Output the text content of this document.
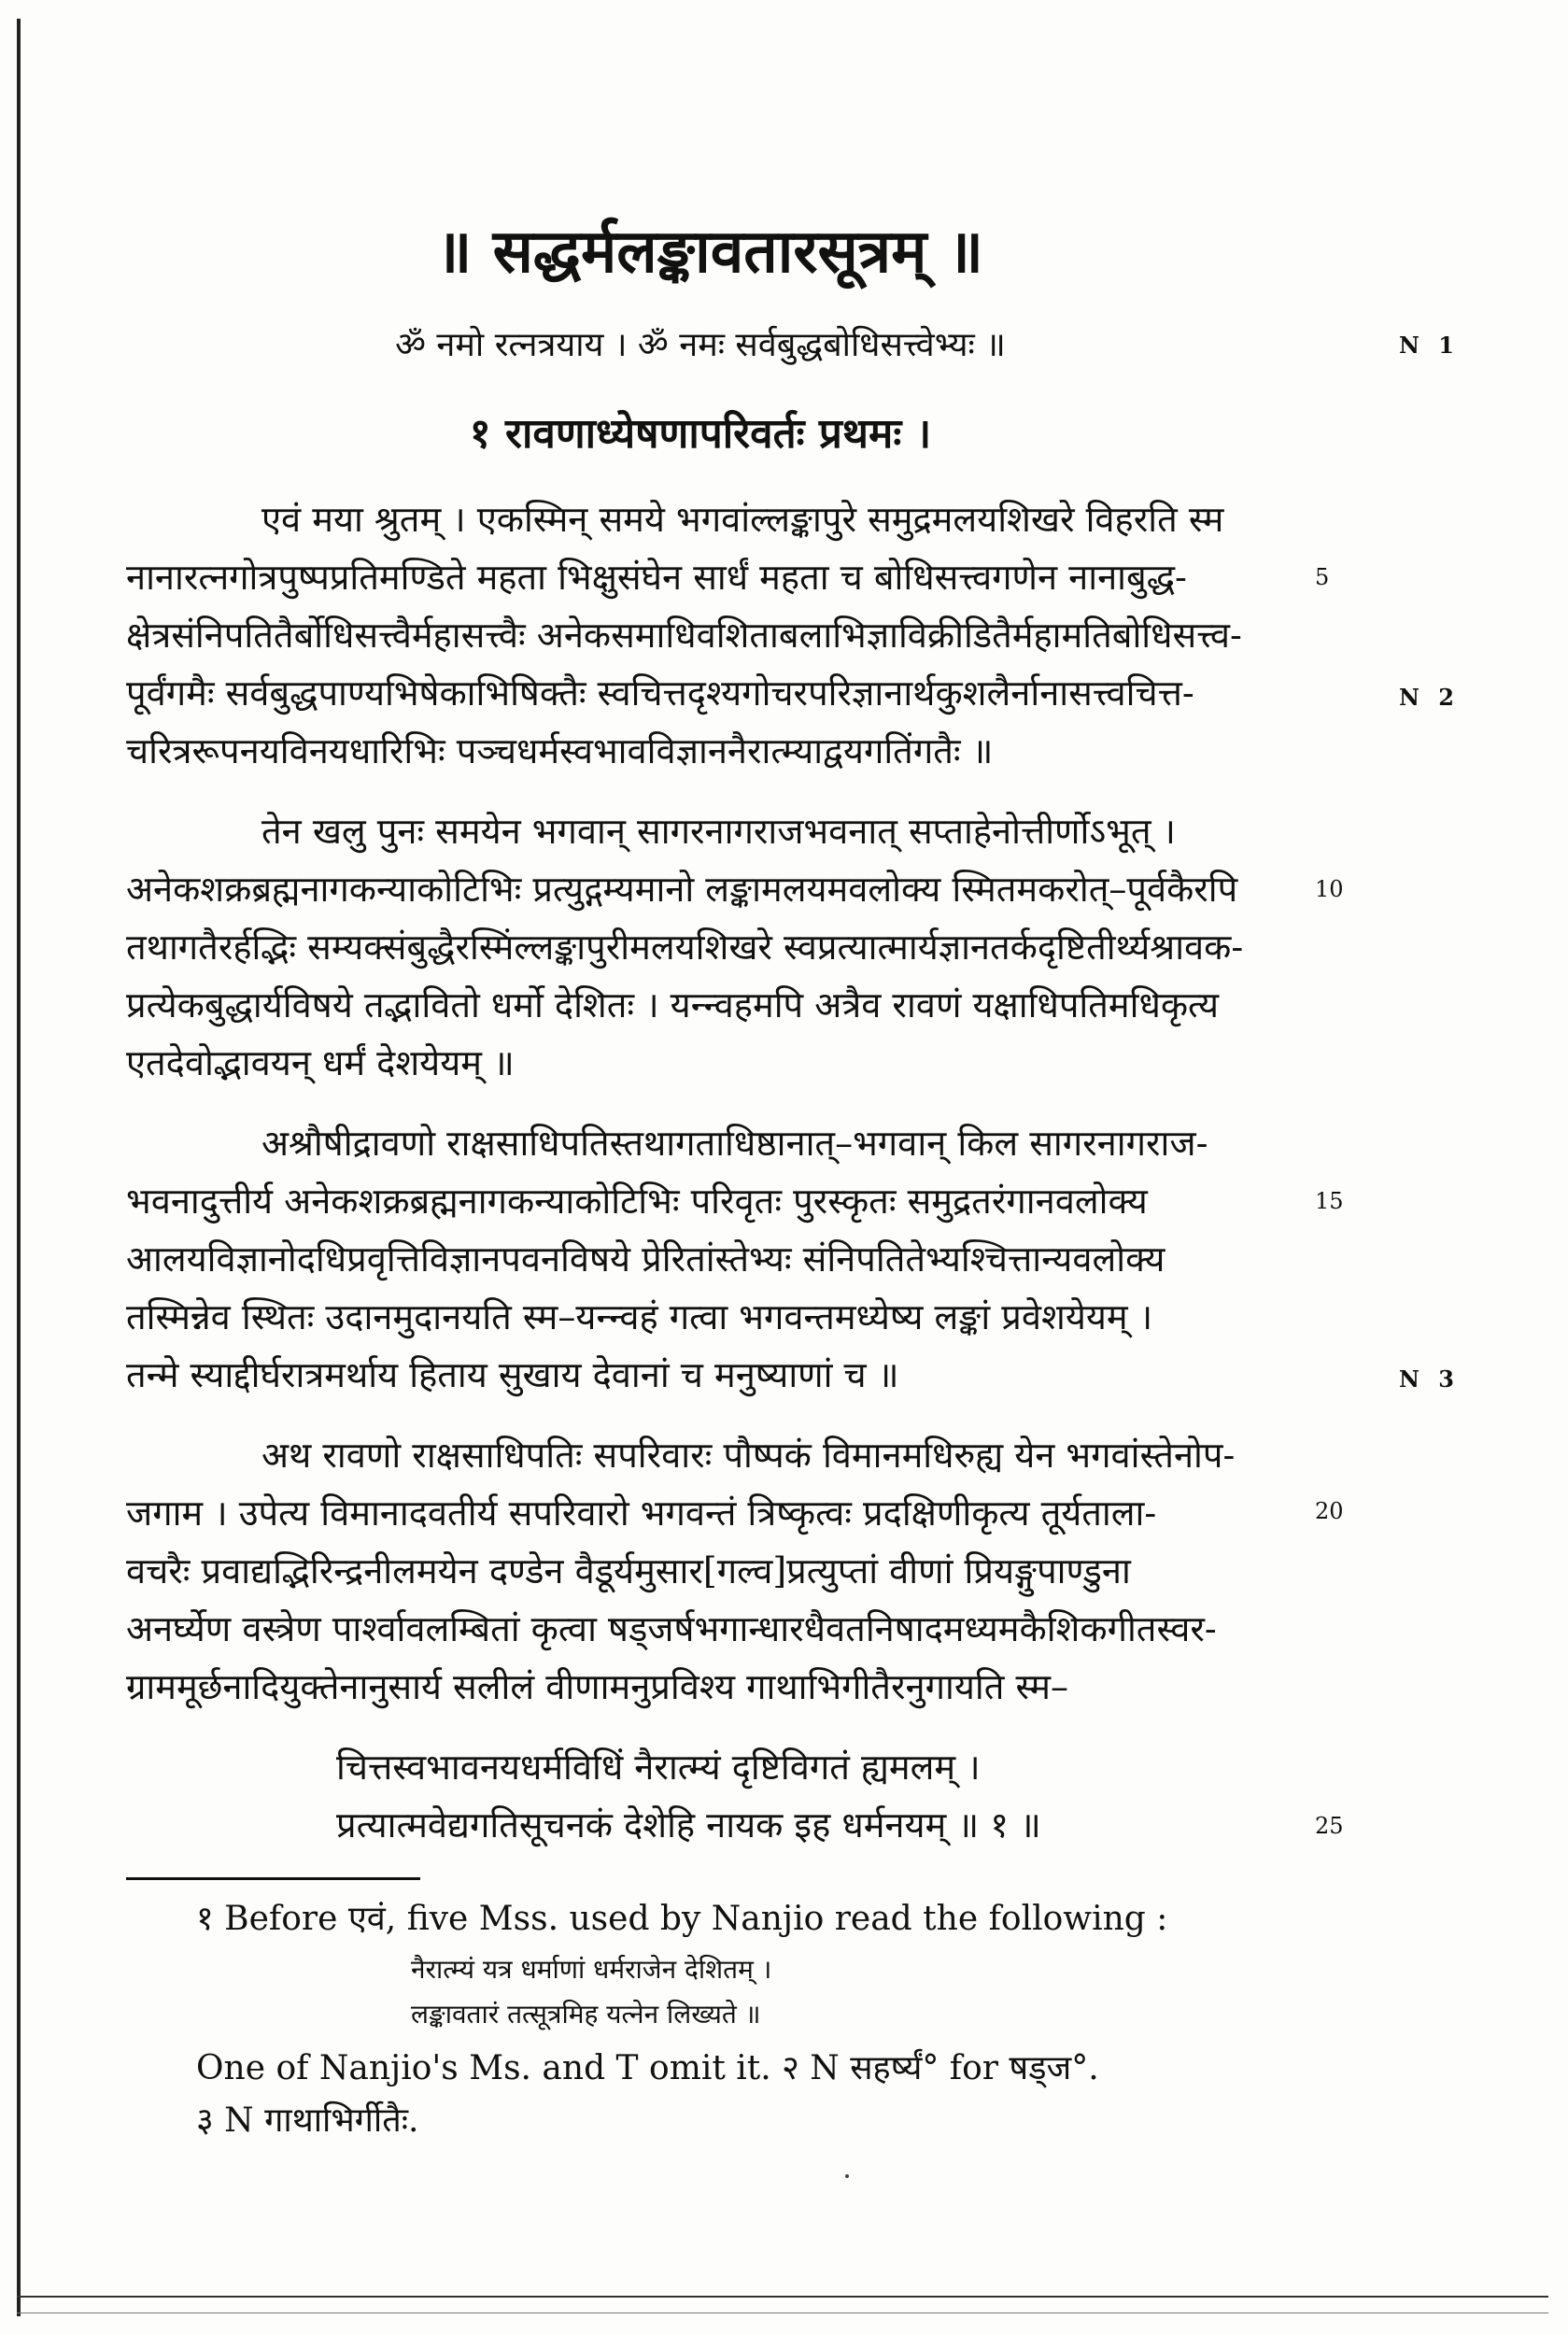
॥ सद्धर्मलङ्कावतारसूत्रम् ॥
ॐ नमो रत्नत्रयाय । ॐ नमः सर्वबुद्धबोधिसत्त्वेभ्यः ॥	N 1
१ रावणाध्येषणापरिवर्तः प्रथमः ।
एवं मया श्रुतम् । एकस्मिन् समये भगवांल्लङ्कापुरे समुद्रमलयशिखरे विहरति स्म
नानारत्नगोत्रपुष्पप्रतिमण्डिते महता भिक्षुसंघेन सार्धं महता च बोधिसत्त्वगणेन नानाबुद्ध-	5
क्षेत्रसंनिपतितैर्बोधिसत्त्वैर्महासत्त्वैः अनेकसमाधिवशिताबलाभिज्ञाविक्रीडितैर्महामतिबोधिसत्त्व-
पूर्वंगमैः सर्वबुद्धपाण्यभिषेकाभिषिक्तैः स्वचित्तदृश्यगोचरपरिज्ञानार्थकुशलैर्नानासत्त्वचित्त-	N 2
चरित्ररूपनयविनयधारिभिः पञ्चधर्मस्वभावविज्ञाननैरात्म्याद्वयगतिंगतैः ॥
तेन खलु पुनः समयेन भगवान् सागरनागराजभवनात् सप्ताहेनोत्तीर्णोऽभूत् ।
अनेकशक्रब्रह्मनागकन्याकोटिभिः प्रत्युद्गम्यमानो लङ्कामलयमवलोक्य स्मितमकरोत्–पूर्वकैरपि	10
तथागतैरर्हद्भिः सम्यक्संबुद्धैरस्मिंल्लङ्कापुरीमलयशिखरे स्वप्रत्यात्मार्यज्ञानतर्कदृष्टितीर्थ्यश्रावक-
प्रत्येकबुद्धार्यविषये तद्भावितो धर्मो देशितः । यन्न्वहमपि अत्रैव रावणं यक्षाधिपतिमधिकृत्य
एतदेवोद्भावयन् धर्मं देशयेयम् ॥
अश्रौषीद्रावणो राक्षसाधिपतिस्तथागताधिष्ठानात्–भगवान् किल सागरनागराज-
भवनादुत्तीर्य अनेकशक्रब्रह्मनागकन्याकोटिभिः परिवृतः पुरस्कृतः समुद्रतरंगानवलोक्य	15
आलयविज्ञानोदधिप्रवृत्तिविज्ञानपवनविषये प्रेरितांस्तेभ्यः संनिपतितेभ्यश्चित्तान्यवलोक्य
तस्मिन्नेव स्थितः उदानमुदानयति स्म–यन्न्वहं गत्वा भगवन्तमध्येष्य लङ्कां प्रवेशयेयम् ।
तन्मे स्याद्दीर्घरात्रमर्थाय हिताय सुखाय देवानां च मनुष्याणां च ॥	N 3
अथ रावणो राक्षसाधिपतिः सपरिवारः पौष्पकं विमानमधिरुह्य येन भगवांस्तेनोप-
जगाम । उपेत्य विमानादवतीर्य सपरिवारो भगवन्तं त्रिष्कृत्वः प्रदक्षिणीकृत्य तूर्यताला-	20
वचरैः प्रवाद्यद्भिरिन्द्रनीलमयेन दण्डेन वैडूर्यमुसार[गल्व]प्रत्युप्तां वीणां प्रियङ्गुपाण्डुना
अनर्घ्येण वस्त्रेण पार्श्वावलम्बितां कृत्वा षड्जर्षभगान्धारधैवतनिषादमध्यमकैशिकगीतस्वर-
ग्राममूर्छनादियुक्तेनानुसार्य सलीलं वीणामनुप्रविश्य गाथाभिगीतैरनुगायति स्म–
चित्तस्वभावनयधर्मविधिं नैरात्म्यं दृष्टिविगतं ह्यमलम् ।
प्रत्यात्मवेद्यगतिसूचनकं देशेहि नायक इह धर्मनयम् ॥ १ ॥	25
१ Before एवं, five Mss. used by Nanjio read the following :
नैरात्म्यं यत्र धर्माणां धर्मराजेन देशितम् ।
लङ्कावतारं तत्सूत्रमिह यत्नेन लिख्यते ॥
One of Nanjio's Ms. and T omit it. २ N सहर्ष्यं° for षड्ज°.
३ N गाथाभिर्गीतैः.
